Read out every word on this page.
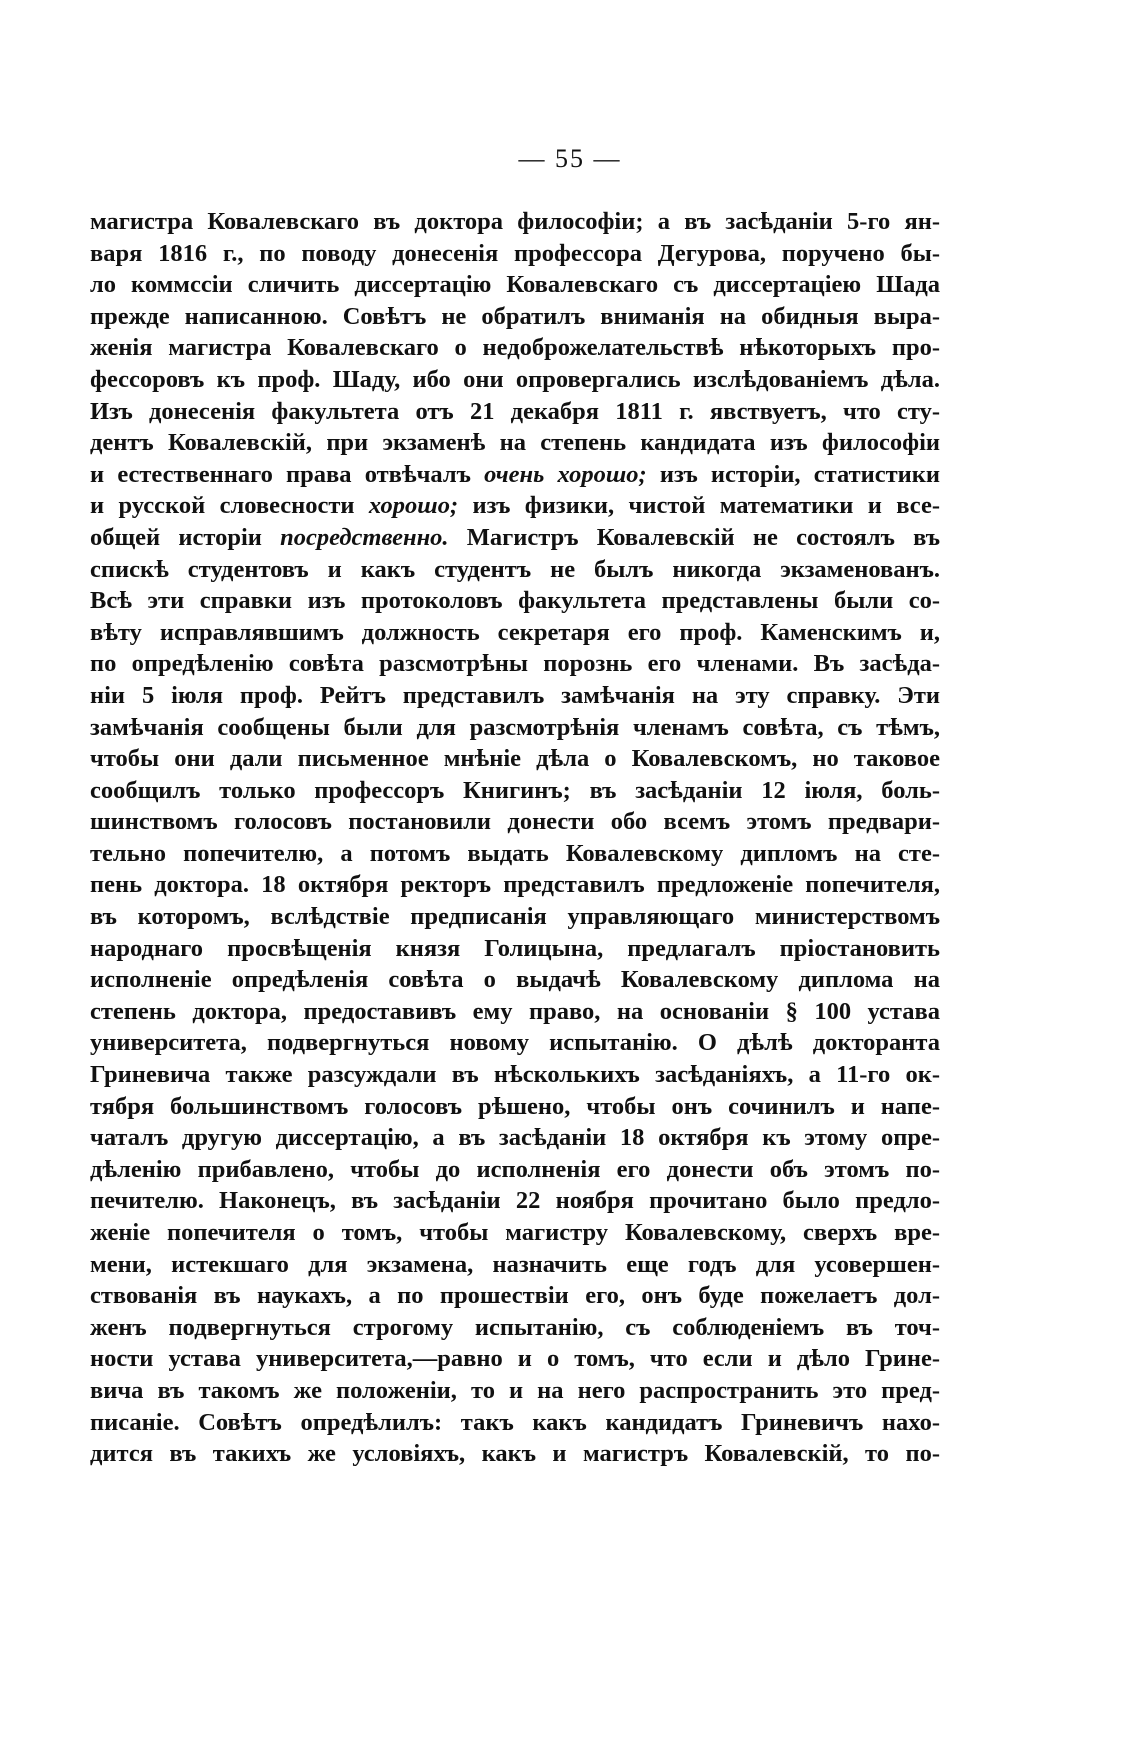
— 55 —
магистра Ковалевскаго въ доктора философіи; а въ засѣданіи 5-го ян-
варя 1816 г., по поводу донесенія профессора Дегурова, поручено бы-
ло коммссіи сличить диссертацію Ковалевскаго съ диссертаціею Шада
прежде написанною. Совѣтъ не обратилъ вниманія на обидныя выра-
женія магистра Ковалевскаго о недоброжелательствѣ нѣкоторыхъ про-
фессоровъ къ проф. Шаду, ибо они опровергались изслѣдованіемъ дѣла.
Изъ донесенія факультета отъ 21 декабря 1811 г. явствуетъ, что сту-
дентъ Ковалевскій, при экзаменѣ на степень кандидата изъ философіи
и естественнаго права отвѣчалъ очень хорошо; изъ исторіи, статистики
и русской словесности хорошо; изъ физики, чистой математики и все-
общей исторіи посредственно. Магистръ Ковалевскій не состоялъ въ
спискѣ студентовъ и какъ студентъ не былъ никогда экзаменованъ.
Всѣ эти справки изъ протоколовъ факультета представлены были со-
вѣту исправлявшимъ должность секретаря его проф. Каменскимъ и,
по опредѣленію совѣта разсмотрѣны порознь его членами. Въ засѣда-
ніи 5 іюля проф. Рейтъ представилъ замѣчанія на эту справку. Эти
замѣчанія сообщены были для разсмотрѣнія членамъ совѣта, съ тѣмъ,
чтобы они дали письменное мнѣніе дѣла о Ковалевскомъ, но таковое
сообщилъ только профессоръ Книгинъ; въ засѣданіи 12 іюля, боль-
шинствомъ голосовъ постановили донести обо всемъ этомъ предвари-
тельно попечителю, а потомъ выдать Ковалевскому дипломъ на сте-
пень доктора. 18 октября ректоръ представилъ предложеніе попечителя,
въ которомъ, вслѣдствіе предписанія управляющаго министерствомъ
народнаго просвѣщенія князя Голицына, предлагалъ пріостановить
исполненіе опредѣленія совѣта о выдачѣ Ковалевскому диплома на
степень доктора, предоставивъ ему право, на основаніи § 100 устава
университета, подвергнуться новому испытанію. О дѣлѣ докторанта
Гриневича также разсуждали въ нѣсколькихъ засѣданіяхъ, а 11-го ок-
тября большинствомъ голосовъ рѣшено, чтобы онъ сочинилъ и напе-
чаталъ другую диссертацію, а въ засѣданіи 18 октября къ этому опре-
дѣленію прибавлено, чтобы до исполненія его донести объ этомъ по-
печителю. Наконецъ, въ засѣданіи 22 ноября прочитано было предло-
женіе попечителя о томъ, чтобы магистру Ковалевскому, сверхъ вре-
мени, истекшаго для экзамена, назначить еще годъ для усовершен-
ствованія въ наукахъ, а по прошествіи его, онъ буде пожелаетъ дол-
женъ подвергнуться строгому испытанію, съ соблюденіемъ въ точ-
ности устава университета,—равно и о томъ, что если и дѣло Грине-
вича въ такомъ же положеніи, то и на него распространить это пред-
писаніе. Совѣтъ опредѣлилъ: такъ какъ кандидатъ Гриневичъ нахо-
дится въ такихъ же условіяхъ, какъ и магистръ Ковалевскій, то по-
